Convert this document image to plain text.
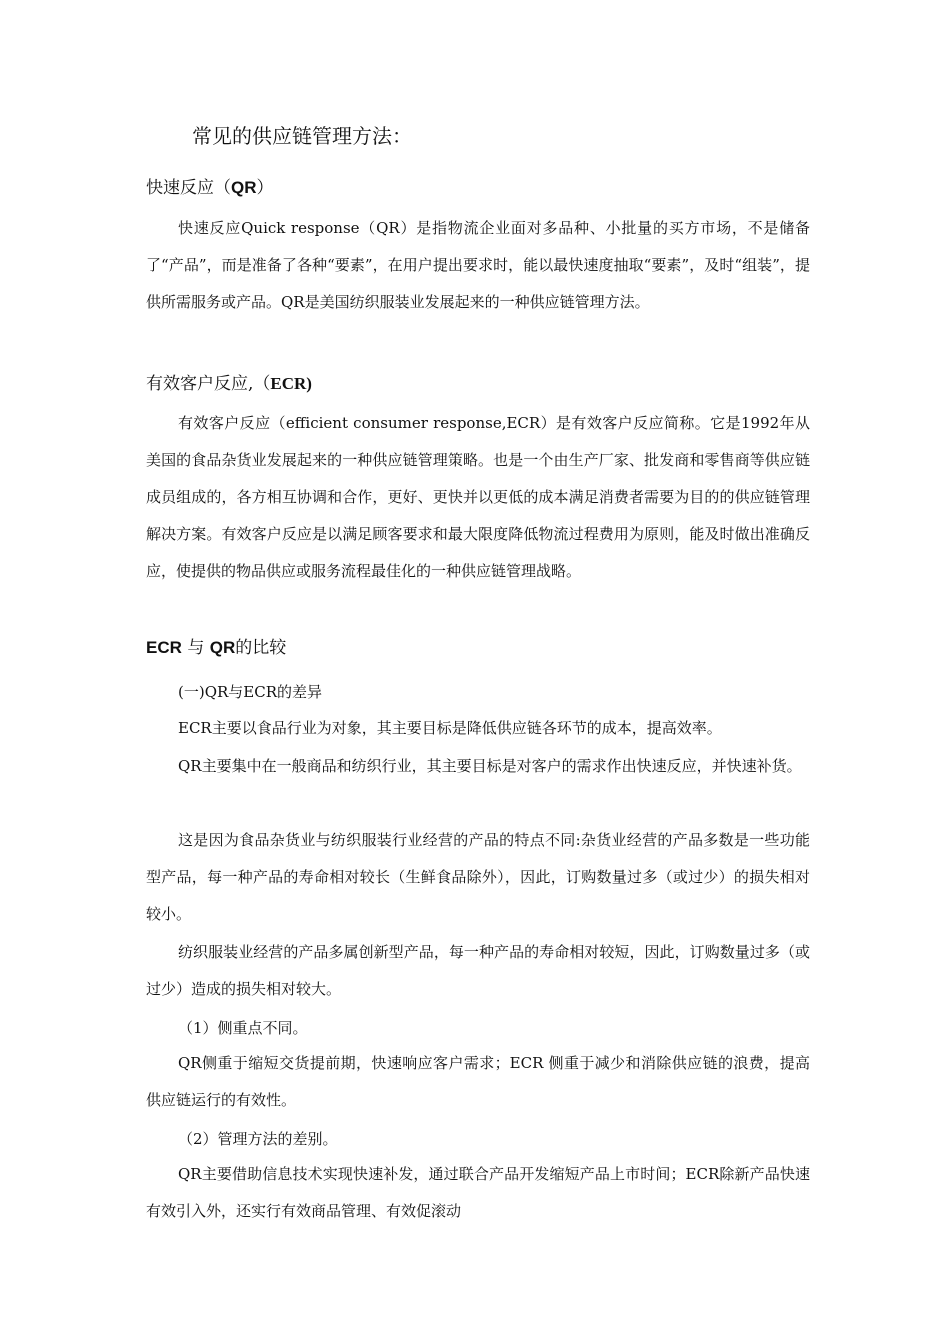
常见的供应链管理方法：
快速反应（QR）

快速反应Quick response（QR）是指物流企业面对多品种、小批量的买方市场，不是储备了“产品”，而是准备了各种“要素”，在用户提出要求时，能以最快速度抽取“要素”，及时“组装”，提供所需服务或产品。QR是美国纺织服装业发展起来的一种供应链管理方法。

有效客户反应,（ECR)

有效客户反应（efficient consumer response,ECR）是有效客户反应简称。它是1992年从美国的食品杂货业发展起来的一种供应链管理策略。也是一个由生产厂家、批发商和零售商等供应链成员组成的，各方相互协调和合作，更好、更快并以更低的成本满足消费者需要为目的的供应链管理解决方案。有效客户反应是以满足顾客要求和最大限度降低物流过程费用为原则，能及时做出准确反应，使提供的物品供应或服务流程最佳化的一种供应链管理战略。

ECR 与 QR的比较
(一)QR与ECR的差异
ECR主要以食品行业为对象，其主要目标是降低供应链各环节的成本，提高效率。

QR主要集中在一般商品和纺织行业，其主要目标是对客户的需求作出快速反应，并快速补货。

这是因为食品杂货业与纺织服装行业经营的产品的特点不同:杂货业经营的产品多数是一些功能型产品，每一种产品的寿命相对较长（生鲜食品除外），因此，订购数量过多（或过少）的损失相对较小。

纺织服装业经营的产品多属创新型产品，每一种产品的寿命相对较短，因此，订购数量过多（或过少）造成的损失相对较大。

（1）侧重点不同。

QR侧重于缩短交货提前期，快速响应客户需求；ECR 侧重于减少和消除供应链的浪费，提高供应链运行的有效性。

（2）管理方法的差别。

QR主要借助信息技术实现快速补发，通过联合产品开发缩短产品上市时间；ECR除新产品快速有效引入外，还实行有效商品管理、有效促滚动
